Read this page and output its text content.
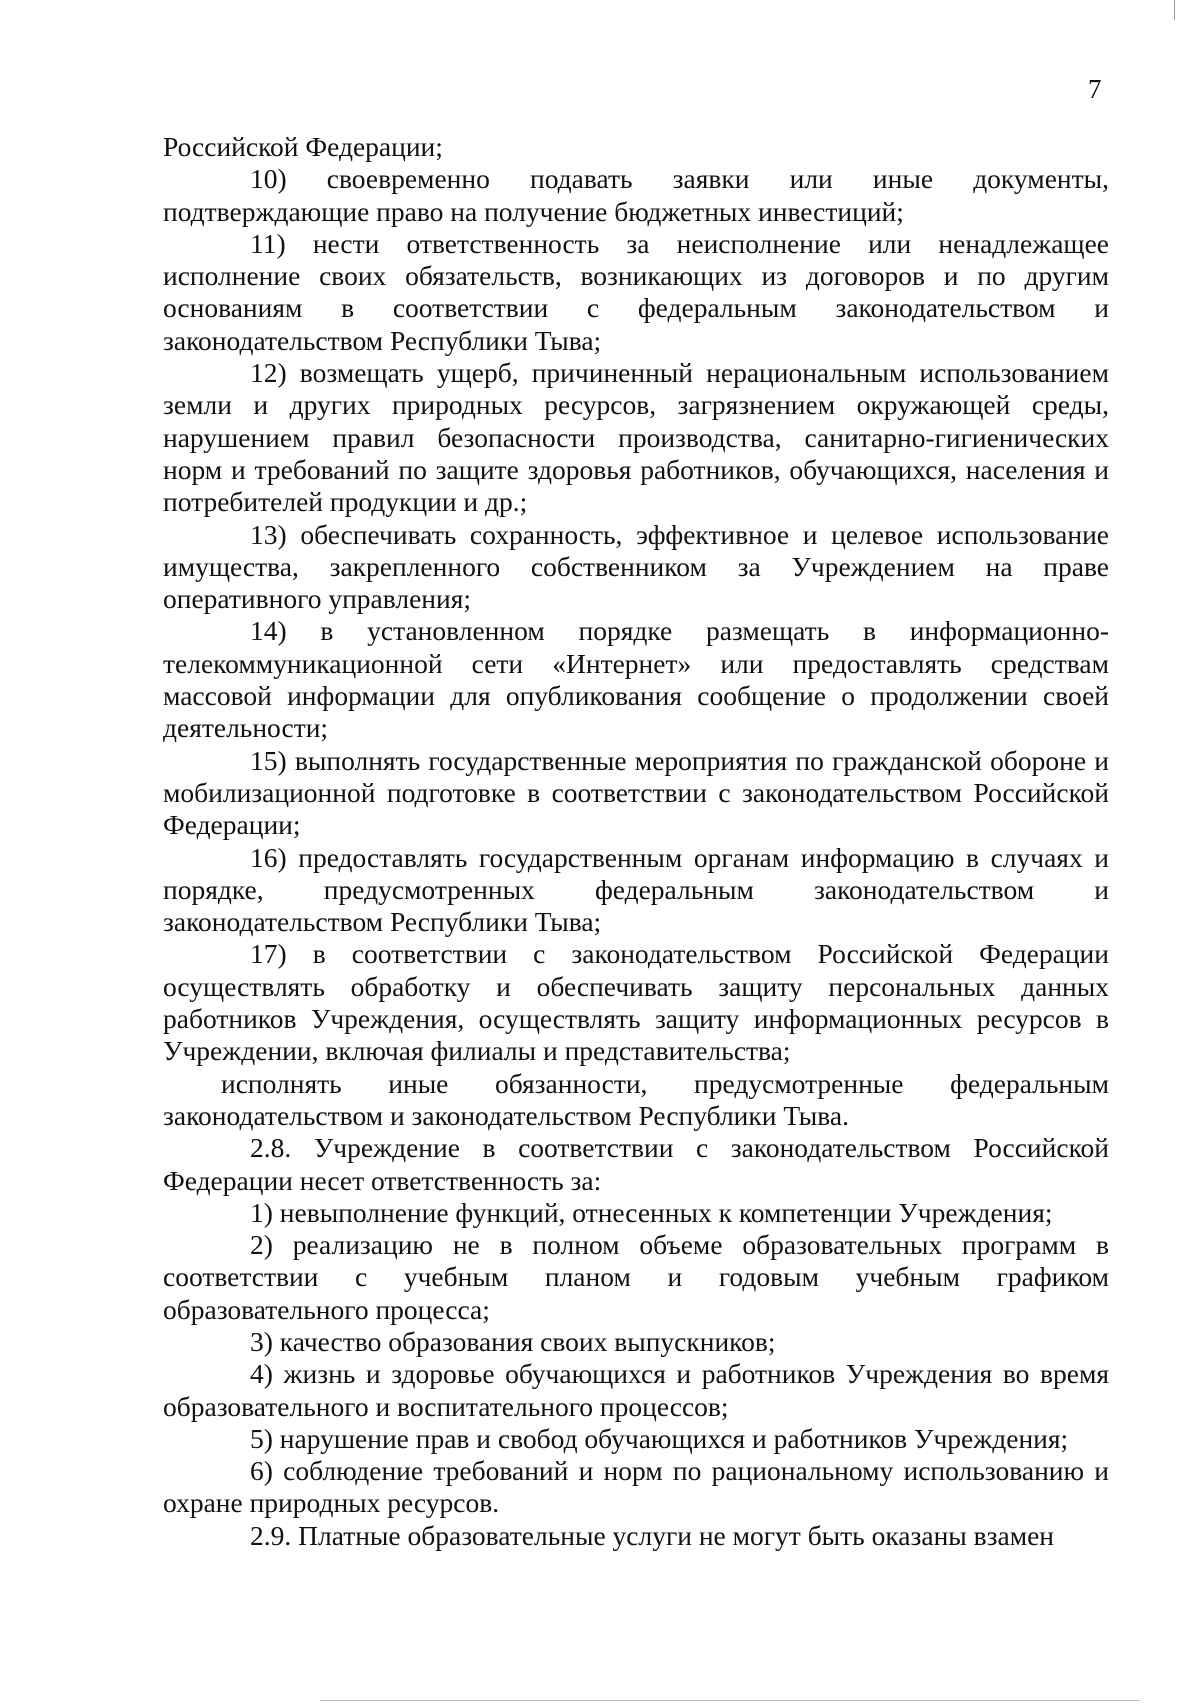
7

Российской Федерации;

10) своевременно подавать заявки или иные документы, подтверждающие право на получение бюджетных инвестиций;

11) нести ответственность за неисполнение или ненадлежащее исполнение своих обязательств, возникающих из договоров и по другим основаниям в соответствии с федеральным законодательством и законодательством Республики Тыва;

12) возмещать ущерб, причиненный нерациональным использованием земли и других природных ресурсов, загрязнением окружающей среды, нарушением правил безопасности производства, санитарно-гигиенических норм и требований по защите здоровья работников, обучающихся, населения и потребителей продукции и др.;

13) обеспечивать сохранность, эффективное и целевое использование имущества, закрепленного собственником за Учреждением на праве оперативного управления;

14) в установленном порядке размещать в информационно-телекоммуникационной сети «Интернет» или предоставлять средствам массовой информации для опубликования сообщение о продолжении своей деятельности;

15) выполнять государственные мероприятия по гражданской обороне и мобилизационной подготовке в соответствии с законодательством Российской Федерации;

16) предоставлять государственным органам информацию в случаях и порядке, предусмотренных федеральным законодательством и законодательством Республики Тыва;

17) в соответствии с законодательством Российской Федерации осуществлять обработку и обеспечивать защиту персональных данных работников Учреждения, осуществлять защиту информационных ресурсов в Учреждении, включая филиалы и представительства;

исполнять иные обязанности, предусмотренные федеральным законодательством и законодательством Республики Тыва.

2.8. Учреждение в соответствии с законодательством Российской Федерации несет ответственность за:

1) невыполнение функций, отнесенных к компетенции Учреждения;

2) реализацию не в полном объеме образовательных программ в соответствии с учебным планом и годовым учебным графиком образовательного процесса;

3) качество образования своих выпускников;

4) жизнь и здоровье обучающихся и работников Учреждения во время образовательного и воспитательного процессов;

5) нарушение прав и свобод обучающихся и работников Учреждения;

6) соблюдение требований и норм по рациональному использованию и охране природных ресурсов.

2.9. Платные образовательные услуги не могут быть оказаны взамен
